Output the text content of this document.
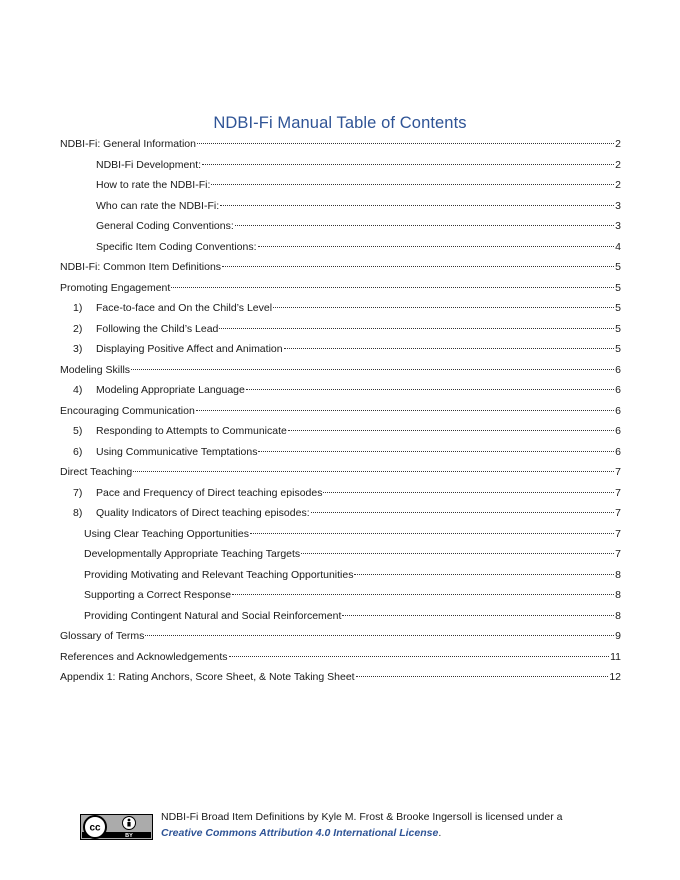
NDBI-Fi Manual Table of Contents
NDBI-Fi: General Information	2
NDBI-Fi Development:	2
How to rate the NDBI-Fi:	2
Who can rate the NDBI-Fi:	3
General Coding Conventions:	3
Specific Item Coding Conventions:	4
NDBI-Fi: Common Item Definitions	5
Promoting Engagement	5
1)	Face-to-face and On the Child’s Level	5
2)	Following the Child’s Lead	5
3)	Displaying Positive Affect and Animation	5
Modeling Skills	6
4)	Modeling Appropriate Language	6
Encouraging Communication	6
5)	Responding to Attempts to Communicate	6
6)	Using Communicative Temptations	6
Direct Teaching	7
7)	Pace and Frequency of Direct teaching episodes	7
8)	Quality Indicators of Direct teaching episodes:	7
Using Clear Teaching Opportunities	7
Developmentally Appropriate Teaching Targets	7
Providing Motivating and Relevant Teaching Opportunities	8
Supporting a Correct Response	8
Providing Contingent Natural and Social Reinforcement	8
Glossary of Terms	9
References and Acknowledgements	11
Appendix 1: Rating Anchors, Score Sheet, & Note Taking Sheet	12
cc
BY
NDBI-Fi Broad Item Definitions by Kyle M. Frost & Brooke Ingersoll is licensed under a
Creative Commons Attribution 4.0 International License.
